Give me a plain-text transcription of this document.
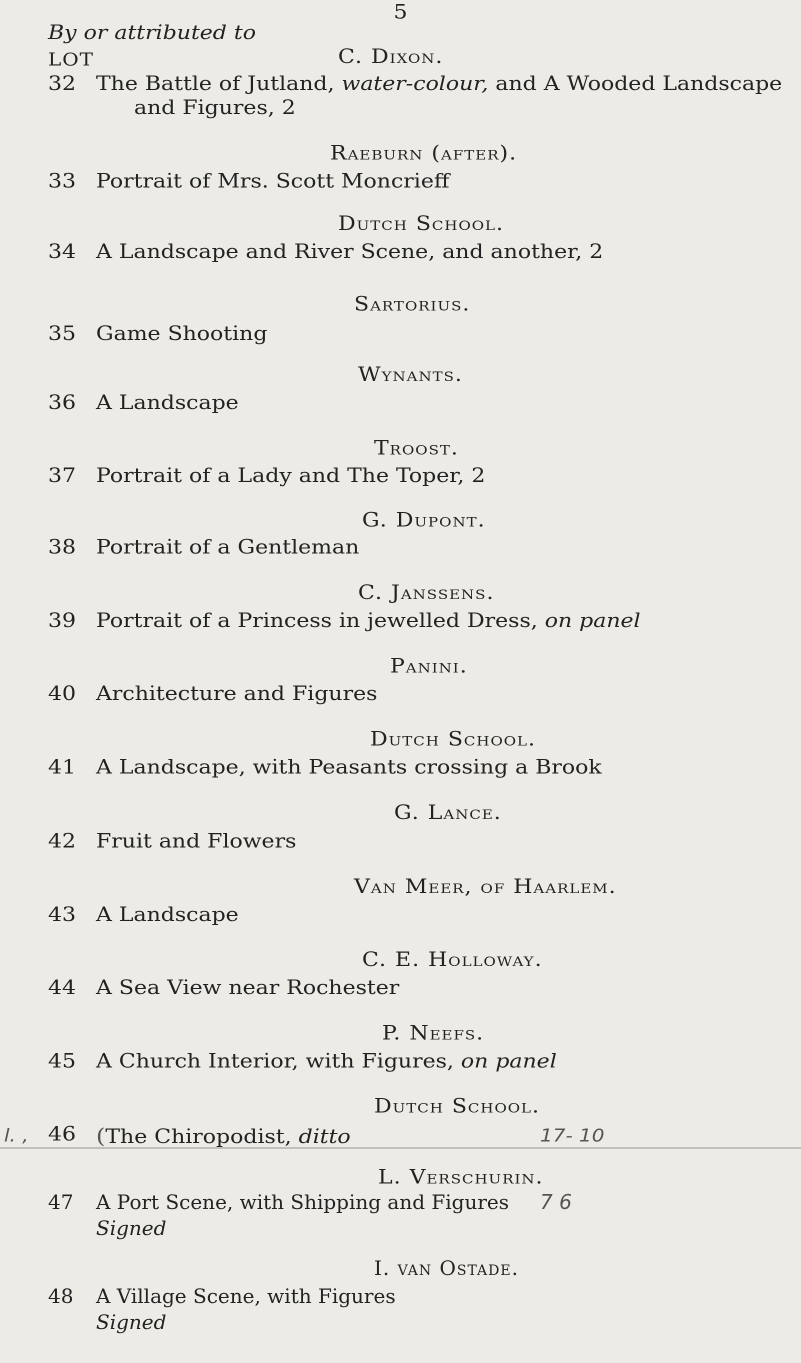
5
By or attributed to
LOT	C. Dixon.
32 The Battle of Jutland, water-colour, and A Wooded Landscape
and Figures, 2
Raeburn (after).
33 Portrait of Mrs. Scott Moncrieff
Dutch School.
34 A Landscape and River Scene, and another, 2
Sartorius.
35 Game Shooting
Wynants.
36 A Landscape
Troost.
37 Portrait of a Lady and The Toper, 2
G. Dupont.
38 Portrait of a Gentleman
C. Janssens.
39 Portrait of a Princess in jewelled Dress, on panel
Panini.
40 Architecture and Figures
Dutch School.
41 A Landscape, with Peasants crossing a Brook
G. Lance.
42 Fruit and Flowers
Van Meer, of Haarlem.
43 A Landscape
C. E. Holloway.
44 A Sea View near Rochester
P. Neefs.
45 A Church Interior, with Figures, on panel
Dutch School.
l. , 46 (The Chiropodist, ditto	17- 10
L. Verschurin.
47	A Port Scene, with Shipping and Figures 7 6
Signed
I. van Ostade.
48	A Village Scene, with Figures
Signed
